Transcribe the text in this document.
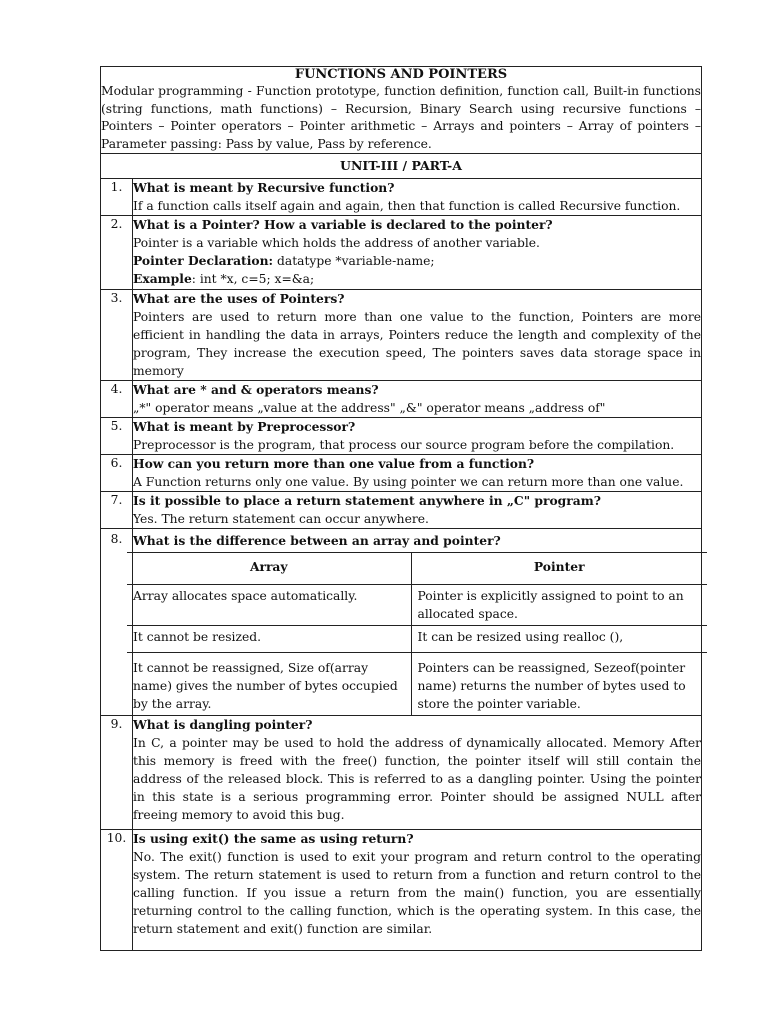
FUNCTIONS AND POINTERS
Modular programming - Function prototype, function definition, function call, Built-in functions (string functions, math functions) – Recursion, Binary Search using recursive functions – Pointers – Pointer operators – Pointer arithmetic – Arrays and pointers – Array of pointers – Parameter passing: Pass by value, Pass by reference.

UNIT-III / PART-A
1.	What is meant by Recursive function?
If a function calls itself again and again, then that function is called Recursive function.

2.	What is a Pointer? How a variable is declared to the pointer?
Pointer is a variable which holds the address of another variable.
Pointer Declaration: datatype *variable-name;
Example: int *x, c=5; x=&a;

3.	What are the uses of Pointers?
Pointers are used to return more than one value to the function, Pointers are more efficient in handling the data in arrays, Pointers reduce the length and complexity of the program, They increase the execution speed, The pointers saves data storage space in memory

4.	What are * and & operators means?
„*" operator means „value at the address" „&" operator means „address of"

5.	What is meant by Preprocessor?
Preprocessor is the program, that process our source program before the compilation.

6.	How can you return more than one value from a function?
A Function returns only one value. By using pointer we can return more than one value.

7.	Is it possible to place a return statement anywhere in „C" program?
Yes. The return statement can occur anywhere.

8.	What is the difference between an array and pointer?
Array	Pointer
Array allocates space automatically.	Pointer is explicitly assigned to point to an allocated space.
It cannot be resized.	It can be resized using realloc (),
It cannot be reassigned, Size of(array name) gives the number of bytes occupied by the array.	Pointers can be reassigned, Sezeof(pointer name) returns the number of bytes used to store the pointer variable.

9.	What is dangling pointer?
In C, a pointer may be used to hold the address of dynamically allocated. Memory After this memory is freed with the free() function, the pointer itself will still contain the address of the released block. This is referred to as a dangling pointer. Using the pointer in this state is a serious programming error. Pointer should be assigned NULL after freeing memory to avoid this bug.

10.	Is using exit() the same as using return?
No. The exit() function is used to exit your program and return control to the operating system. The return statement is used to return from a function and return control to the calling function. If you issue a return from the main() function, you are essentially returning control to the calling function, which is the operating system. In this case, the return statement and exit() function are similar.
